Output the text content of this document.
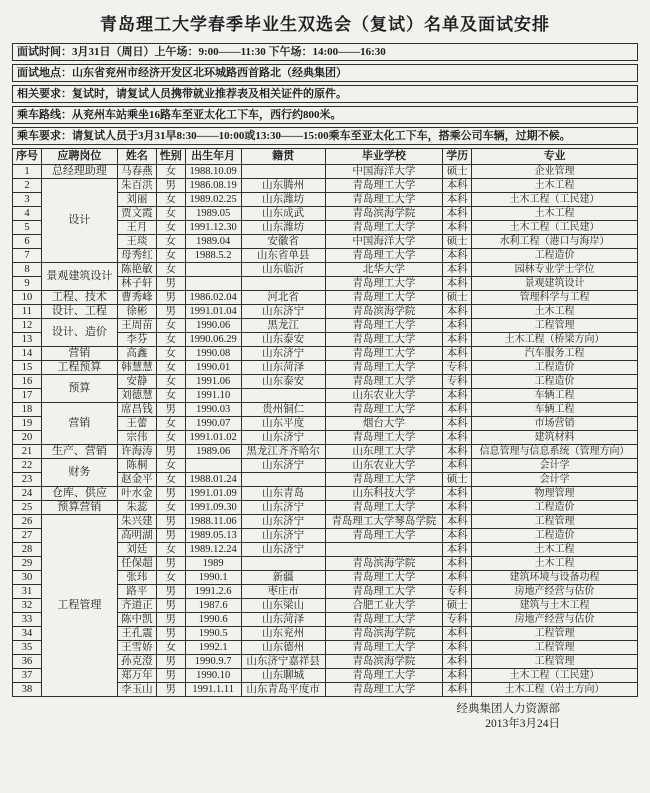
青岛理工大学春季毕业生双选会（复试）名单及面试安排
面试时间：3月31日（周日）上午场：9:00——11:30 下午场：14:00——16:30
面试地点：山东省兖州市经济开发区北环城路西首路北（经典集团）
相关要求：复试时，请复试人员携带就业推荐表及相关证件的原件。
乘车路线：从兖州车站乘坐16路车至亚太化工下车，西行约800米。
乘车要求：请复试人员于3月31早8:30——10:00或13:30——15:00乘车至亚太化工下车，搭乘公司车辆，过期不候。
序号	应聘岗位	姓名	性别	出生年月	籍贯	毕业学校	学历	专业
1	总经理助理	马春燕	女	1988.10.09		中国海洋大学	硕士	企业管理
2	设计	朱百洪	男	1986.08.19	山东腾州	青岛理工大学	本科	土木工程
3		刘丽	女	1989.02.25	山东潍坊	青岛理工大学	本科	土木工程（工民建）
4		贾文霞	女	1989.05	山东成武	青岛滨海学院	本科	土木工程
5		王月	女	1991.12.30	山东潍坊	青岛理工大学	本科	土木工程（工民建）
6		王琰	女	1989.04	安徽省	中国海洋大学	硕士	水利工程（港口与海岸）
7		母秀红	女	1988.5.2	山东省单县	青岛理工大学	本科	工程造价
8	景观建筑设计	陈艳敏	女		山东临沂	北华大学	本科	园林专业学士学位
9		林子轩	男			青岛理工大学	本科	景观建筑设计
10	工程、技术	曹秀峰	男	1986.02.04	河北省	青岛理工大学	硕士	管理科学与工程
11	设计、工程	徐彬	男	1991.01.04	山东济宁	青岛滨海学院	本科	土木工程
12	设计、造价	王周苗	女	1990.06	黑龙江	青岛理工大学	本科	工程管理
13		李芬	女	1990.06.29	山东泰安	青岛理工大学	本科	土木工程（桥梁方向）
14	营销	高鑫	女	1990.08	山东济宁	青岛理工大学	本科	汽车服务工程
15	工程预算	韩慧慧	女	1990.01	山东菏泽	青岛理工大学	专科	工程造价
16	预算	安静	女	1991.06	山东泰安	青岛理工大学	专科	工程造价
17		刘德慧	女	1991.10		山东农业大学	本科	车辆工程
18	营销	席昌钱	男	1990.03	贵州铜仁	青岛理工大学	本科	车辆工程
19		王蕾	女	1990.07	山东平度	烟台大学	本科	市场营销
20		宗伟	女	1991.01.02	山东济宁	青岛理工大学	本科	建筑材料
21	生产、营销	许海涛	男	1989.06	黑龙江齐齐哈尔	山东理工大学	本科	信息管理与信息系统（管理方向）
22	财务	陈桐	女		山东济宁	山东农业大学	本科	会计学
23		赵金平	女	1988.01.24		青岛理工大学	硕士	会计学
24	仓库、供应	叶水金	男	1991.01.09	山东青岛	山东科技大学	本科	物理管理
25	预算营销	朱蕊	女	1991.09.30	山东济宁	青岛理工大学	本科	工程造价
26	工程管理	朱兴建	男	1988.11.06	山东济宁	青岛理工大学琴岛学院	本科	工程管理
27		高明湖	男	1989.05.13	山东济宁	青岛理工大学	本科	工程造价
28		刘廷	女	1989.12.24	山东济宁		本科	土木工程
29		任保超	男	1989		青岛滨海学院	本科	土木工程
30		张玮	女	1990.1	新疆	青岛理工大学	本科	建筑环境与设备功程
31		路平	男	1991.2.6	枣庄市	青岛理工大学	专科	房地产经营与估价
32		齐道正	男	1987.6	山东梁山	合肥工业大学	硕士	建筑与土木工程
33		陈中凯	男	1990.6	山东菏泽	青岛理工大学	专科	房地产经营与估价
34		王孔震	男	1990.5	山东兖州	青岛滨海学院	本科	工程管理
35		王雪娇	女	1992.1	山东德州	青岛理工大学	本科	工程管理
36		孙克澄	男	1990.9.7	山东济宁嘉祥县	青岛滨海学院	本科	工程管理
37		郑万年	男	1990.10	山东聊城	青岛理工大学	本科	土木工程（工民建）
38		李玉山	男	1991.1.11	山东青岛平度市	青岛理工大学	本科	土木工程（岩土方向）
经典集团人力资源部
2013年3月24日
